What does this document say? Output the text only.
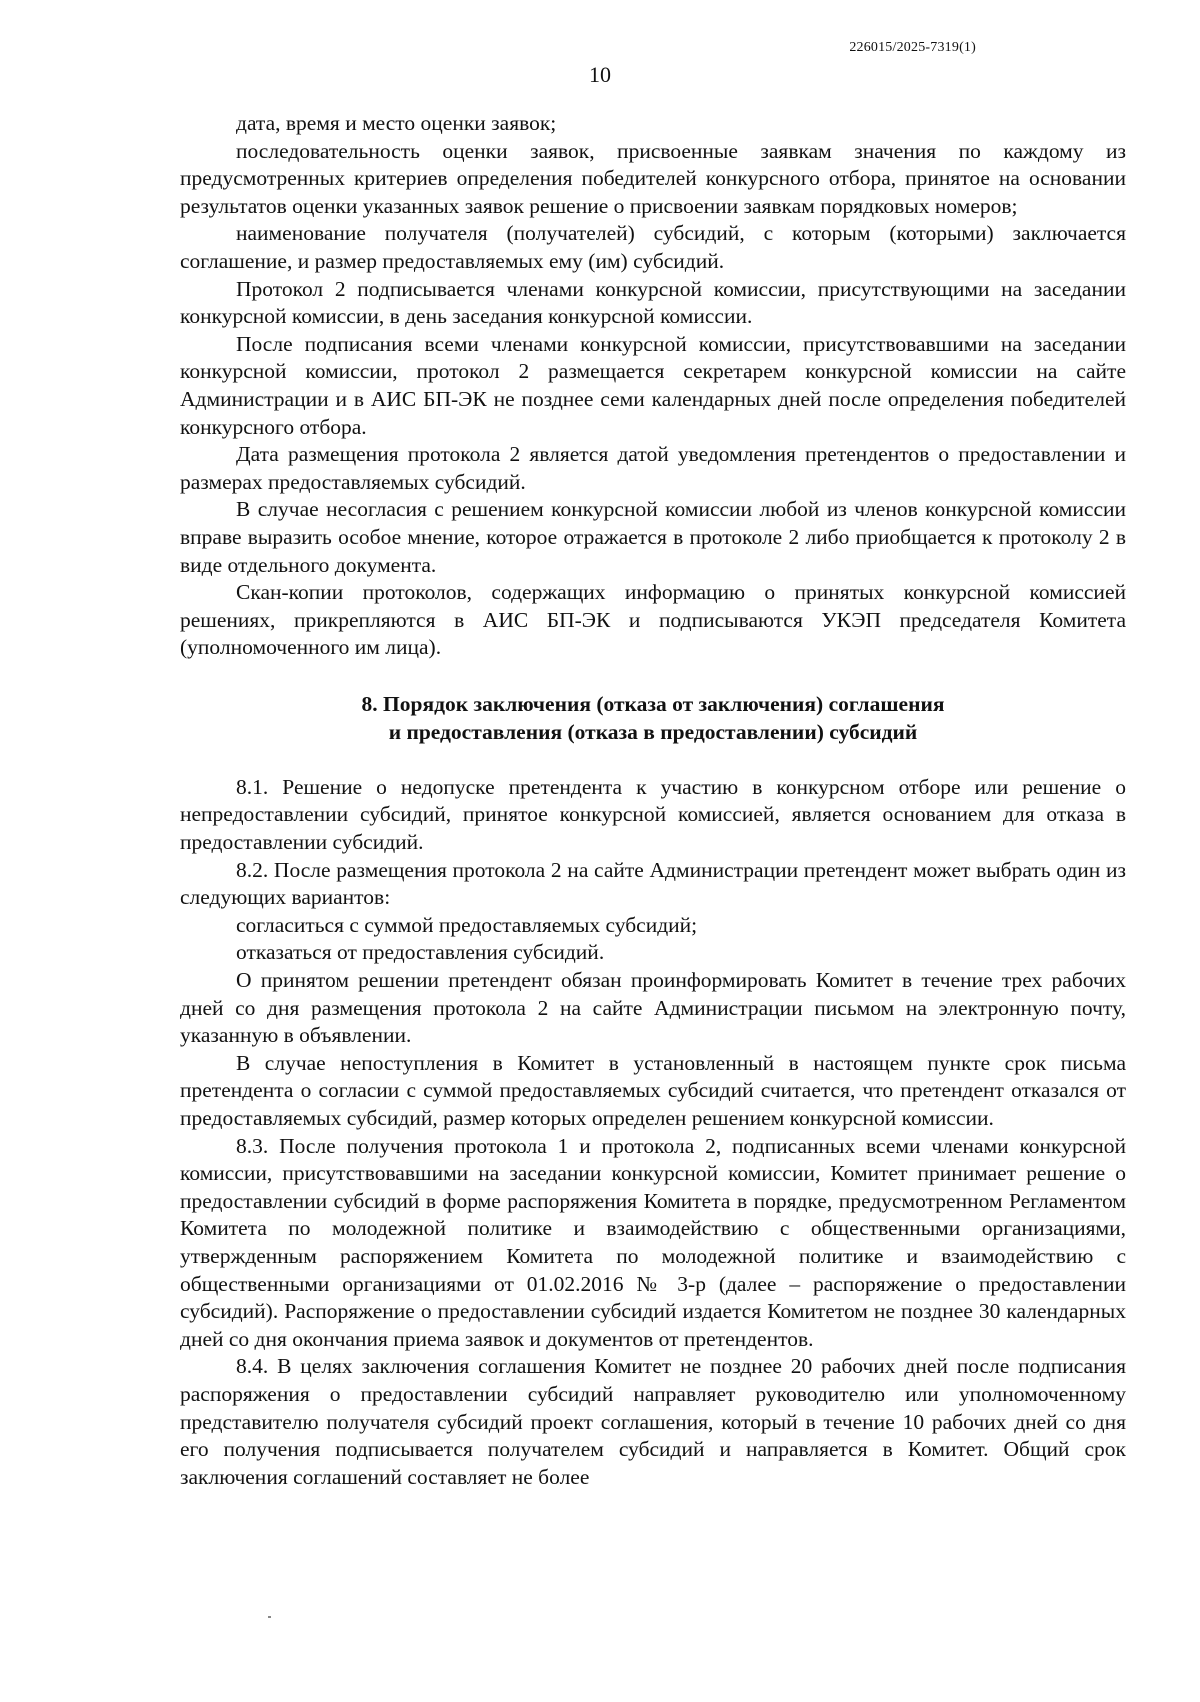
226015/2025-7319(1)
10

дата, время и место оценки заявок;

последовательность оценки заявок, присвоенные заявкам значения по каждому из предусмотренных критериев определения победителей конкурсного отбора, принятое на основании результатов оценки указанных заявок решение о присвоении заявкам порядковых номеров;

наименование получателя (получателей) субсидий, с которым (которыми) заключается соглашение, и размер предоставляемых ему (им) субсидий.

Протокол 2 подписывается членами конкурсной комиссии, присутствующими на заседании конкурсной комиссии, в день заседания конкурсной комиссии.

После подписания всеми членами конкурсной комиссии, присутствовавшими на заседании конкурсной комиссии, протокол 2 размещается секретарем конкурсной комиссии на сайте Администрации и в АИС БП-ЭК не позднее семи календарных дней после определения победителей конкурсного отбора.

Дата размещения протокола 2 является датой уведомления претендентов о предоставлении и размерах предоставляемых субсидий.

В случае несогласия с решением конкурсной комиссии любой из членов конкурсной комиссии вправе выразить особое мнение, которое отражается в протоколе 2 либо приобщается к протоколу 2 в виде отдельного документа.

Скан-копии протоколов, содержащих информацию о принятых конкурсной комиссией решениях, прикрепляются в АИС БП-ЭК и подписываются УКЭП председателя Комитета (уполномоченного им лица).

8. Порядок заключения (отказа от заключения) соглашения
и предоставления (отказа в предоставлении) субсидий

8.1. Решение о недопуске претендента к участию в конкурсном отборе или решение о непредоставлении субсидий, принятое конкурсной комиссией, является основанием для отказа в предоставлении субсидий.

8.2. После размещения протокола 2 на сайте Администрации претендент может выбрать один из следующих вариантов:

согласиться с суммой предоставляемых субсидий;

отказаться от предоставления субсидий.

О принятом решении претендент обязан проинформировать Комитет в течение трех рабочих дней со дня размещения протокола 2 на сайте Администрации письмом на электронную почту, указанную в объявлении.

В случае непоступления в Комитет в установленный в настоящем пункте срок письма претендента о согласии с суммой предоставляемых субсидий считается, что претендент отказался от предоставляемых субсидий, размер которых определен решением конкурсной комиссии.

8.3. После получения протокола 1 и протокола 2, подписанных всеми членами конкурсной комиссии, присутствовавшими на заседании конкурсной комиссии, Комитет принимает решение о предоставлении субсидий в форме распоряжения Комитета в порядке, предусмотренном Регламентом Комитета по молодежной политике и взаимодействию с общественными организациями, утвержденным распоряжением Комитета по молодежной политике и взаимодействию с общественными организациями от 01.02.2016 № 3-р (далее – распоряжение о предоставлении субсидий). Распоряжение о предоставлении субсидий издается Комитетом не позднее 30 календарных дней со дня окончания приема заявок и документов от претендентов.

8.4. В целях заключения соглашения Комитет не позднее 20 рабочих дней после подписания распоряжения о предоставлении субсидий направляет руководителю или уполномоченному представителю получателя субсидий проект соглашения, который в течение 10 рабочих дней со дня его получения подписывается получателем субсидий и направляется в Комитет. Общий срок заключения соглашений составляет не более
